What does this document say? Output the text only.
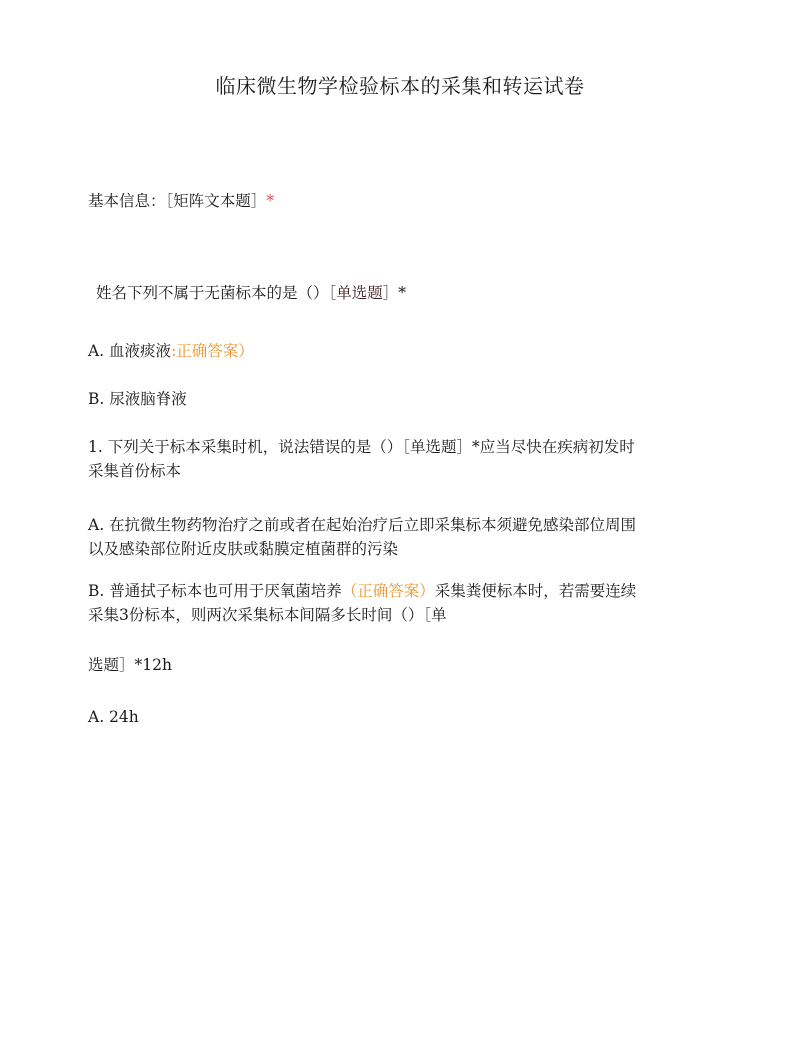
临床微生物学检验标本的采集和转运试卷
基本信息：［矩阵文本题］*
姓名下列不属于无菌标本的是（）［单选题］*
A. 血液痰液:正确答案）
B. 尿液脑脊液
1. 下列关于标本采集时机，说法错误的是（）［单选题］*应当尽快在疾病初发时
采集首份标本
A. 在抗微生物药物治疗之前或者在起始治疗后立即采集标本须避免感染部位周围
以及感染部位附近皮肤或黏膜定植菌群的污染
B. 普通拭子标本也可用于厌氧菌培养（正确答案）采集粪便标本时，若需要连续
采集3份标本，则两次采集标本间隔多长时间（）［单
选题］*12h
A. 24h
